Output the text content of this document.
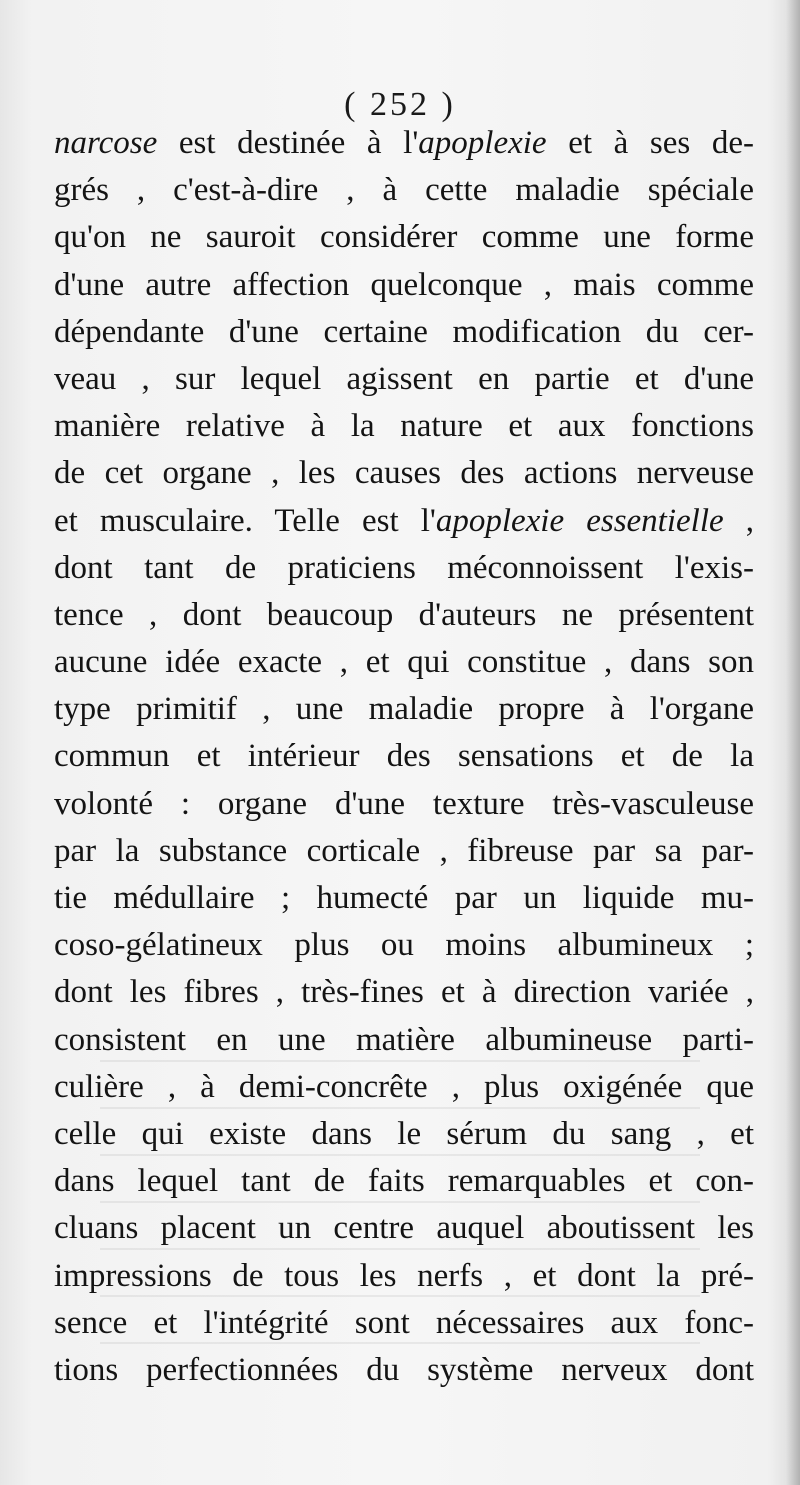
( 252 )
narcose est destinée à l'apoplexie et à ses de-
grés , c'est-à-dire , à cette maladie spéciale
qu'on ne sauroit considérer comme une forme
d'une autre affection quelconque , mais comme
dépendante d'une certaine modification du cer-
veau , sur lequel agissent en partie et d'une
manière relative à la nature et aux fonctions
de cet organe , les causes des actions nerveuse
et musculaire. Telle est l'apoplexie essentielle ,
dont tant de praticiens méconnoissent l'exis-
tence , dont beaucoup d'auteurs ne présentent
aucune idée exacte , et qui constitue , dans son
type primitif , une maladie propre à l'organe
commun et intérieur des sensations et de la
volonté : organe d'une texture très-vasculeuse
par la substance corticale , fibreuse par sa par-
tie médullaire ; humecté par un liquide mu-
coso-gélatineux plus ou moins albumineux ;
dont les fibres , très-fines et à direction variée ,
consistent en une matière albumineuse parti-
culière , à demi-concrête , plus oxigénée que
celle qui existe dans le sérum du sang , et
dans lequel tant de faits remarquables et con-
cluans placent un centre auquel aboutissent les
impressions de tous les nerfs , et dont la pré-
sence et l'intégrité sont nécessaires aux fonc-
tions perfectionnées du système nerveux dont
